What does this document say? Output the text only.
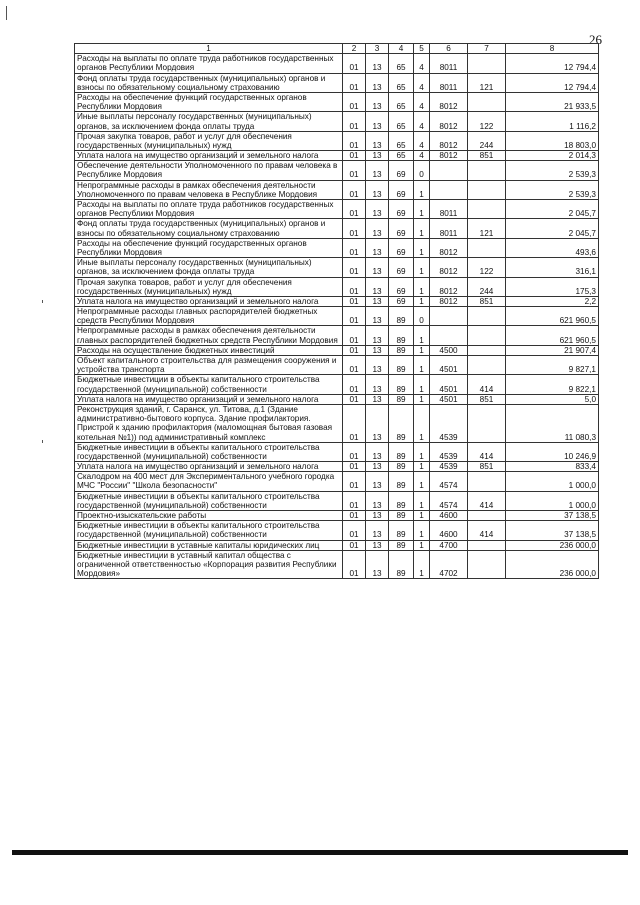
26
1	2	3	4	5	6	7	8
Расходы на выплаты по оплате труда работников государственных органов Республики Мордовия	01	13	65	4	8011		12 794,4
Фонд оплаты труда государственных (муниципальных) органов и взносы по обязательному социальному страхованию	01	13	65	4	8011	121	12 794,4
Расходы на обеспечение функций государственных органов Республики Мордовия	01	13	65	4	8012		21 933,5
Иные выплаты персоналу государственных (муниципальных) органов, за исключением фонда оплаты труда	01	13	65	4	8012	122	1 116,2
Прочая закупка товаров, работ и услуг для обеспечения государственных (муниципальных) нужд	01	13	65	4	8012	244	18 803,0
Уплата налога на имущество организаций и земельного налога	01	13	65	4	8012	851	2 014,3
Обеспечение деятельности Уполномоченного по правам человека в Республике Мордовия	01	13	69	0			2 539,3
Непрограммные расходы в рамках обеспечения деятельности Уполномоченного по правам человека в Республике Мордовия	01	13	69	1			2 539,3
Расходы на выплаты по оплате труда работников государственных органов Республики Мордовия	01	13	69	1	8011		2 045,7
Фонд оплаты труда государственных (муниципальных) органов и взносы по обязательному социальному страхованию	01	13	69	1	8011	121	2 045,7
Расходы на обеспечение функций государственных органов Республики Мордовия	01	13	69	1	8012		493,6
Иные выплаты персоналу государственных (муниципальных) органов, за исключением фонда оплаты труда	01	13	69	1	8012	122	316,1
Прочая закупка товаров, работ и услуг для обеспечения государственных (муниципальных) нужд	01	13	69	1	8012	244	175,3
Уплата налога на имущество организаций и земельного налога	01	13	69	1	8012	851	2,2
Непрограммные расходы главных распорядителей бюджетных средств Республики Мордовия	01	13	89	0			621 960,5
Непрограммные расходы в рамках обеспечения деятельности главных распорядителей бюджетных средств Республики Мордовия	01	13	89	1			621 960,5
Расходы на осуществление бюджетных инвестиций	01	13	89	1	4500		21 907,4
Объект капитального строительства для размещения сооружения и устройства транспорта	01	13	89	1	4501		9 827,1
Бюджетные инвестиции в объекты капитального строительства государственной (муниципальной) собственности	01	13	89	1	4501	414	9 822,1
Уплата налога на имущество организаций и земельного налога	01	13	89	1	4501	851	5,0
Реконструкция зданий, г. Саранск, ул. Титова, д.1 (Здание административно-бытового корпуса. Здание профилактория. Пристрой к зданию профилактория (маломощная бытовая газовая котельная №1)) под административный комплекс	01	13	89	1	4539		11 080,3
Бюджетные инвестиции в объекты капитального строительства государственной (муниципальной) собственности	01	13	89	1	4539	414	10 246,9
Уплата налога на имущество организаций и земельного налога	01	13	89	1	4539	851	833,4
Скалодром на 400 мест для Экспериментального учебного городка МЧС "России" "Школа безопасности"	01	13	89	1	4574		1 000,0
Бюджетные инвестиции в объекты капитального строительства государственной (муниципальной) собственности	01	13	89	1	4574	414	1 000,0
Проектно-изыскательские работы	01	13	89	1	4600		37 138,5
Бюджетные инвестиции в объекты капитального строительства государственной (муниципальной) собственности	01	13	89	1	4600	414	37 138,5
Бюджетные инвестиции в уставные капиталы юридических лиц	01	13	89	1	4700		236 000,0
Бюджетные инвестиции в уставный капитал общества с ограниченной ответственностью «Корпорация развития Республики Мордовия»	01	13	89	1	4702		236 000,0
